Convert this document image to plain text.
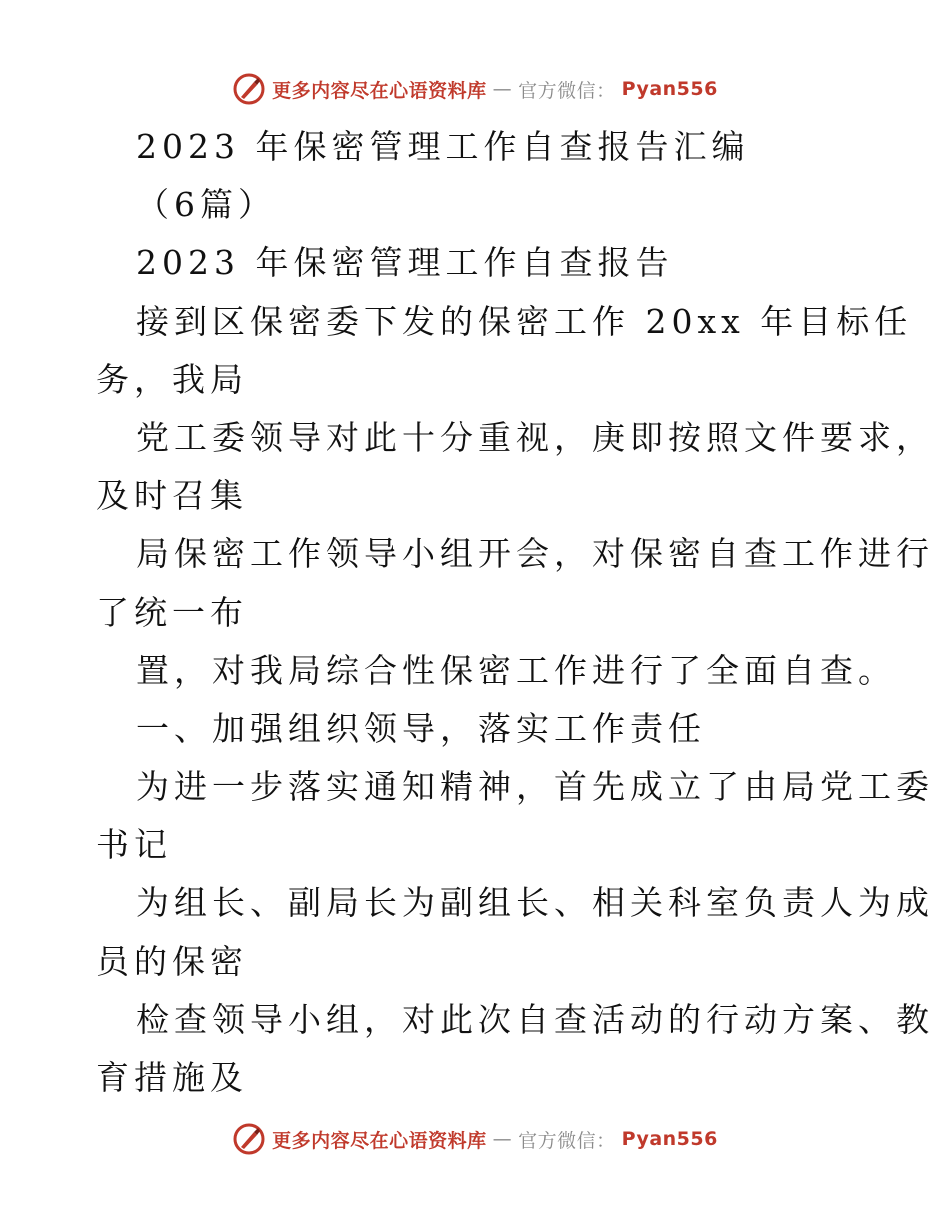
更多内容尽在心语资料库 — 官方微信： Pyan556
2023 年保密管理工作自查报告汇编
（6篇）
2023 年保密管理工作自查报告
接到区保密委下发的保密工作 20xx 年目标任
务，我局
党工委领导对此十分重视，庚即按照文件要求，
及时召集
局保密工作领导小组开会，对保密自查工作进行
了统一布
置，对我局综合性保密工作进行了全面自查。
一、加强组织领导，落实工作责任
为进一步落实通知精神，首先成立了由局党工委
书记
为组长、副局长为副组长、相关科室负责人为成
员的保密
检查领导小组，对此次自查活动的行动方案、教
育措施及
更多内容尽在心语资料库 — 官方微信： Pyan556
